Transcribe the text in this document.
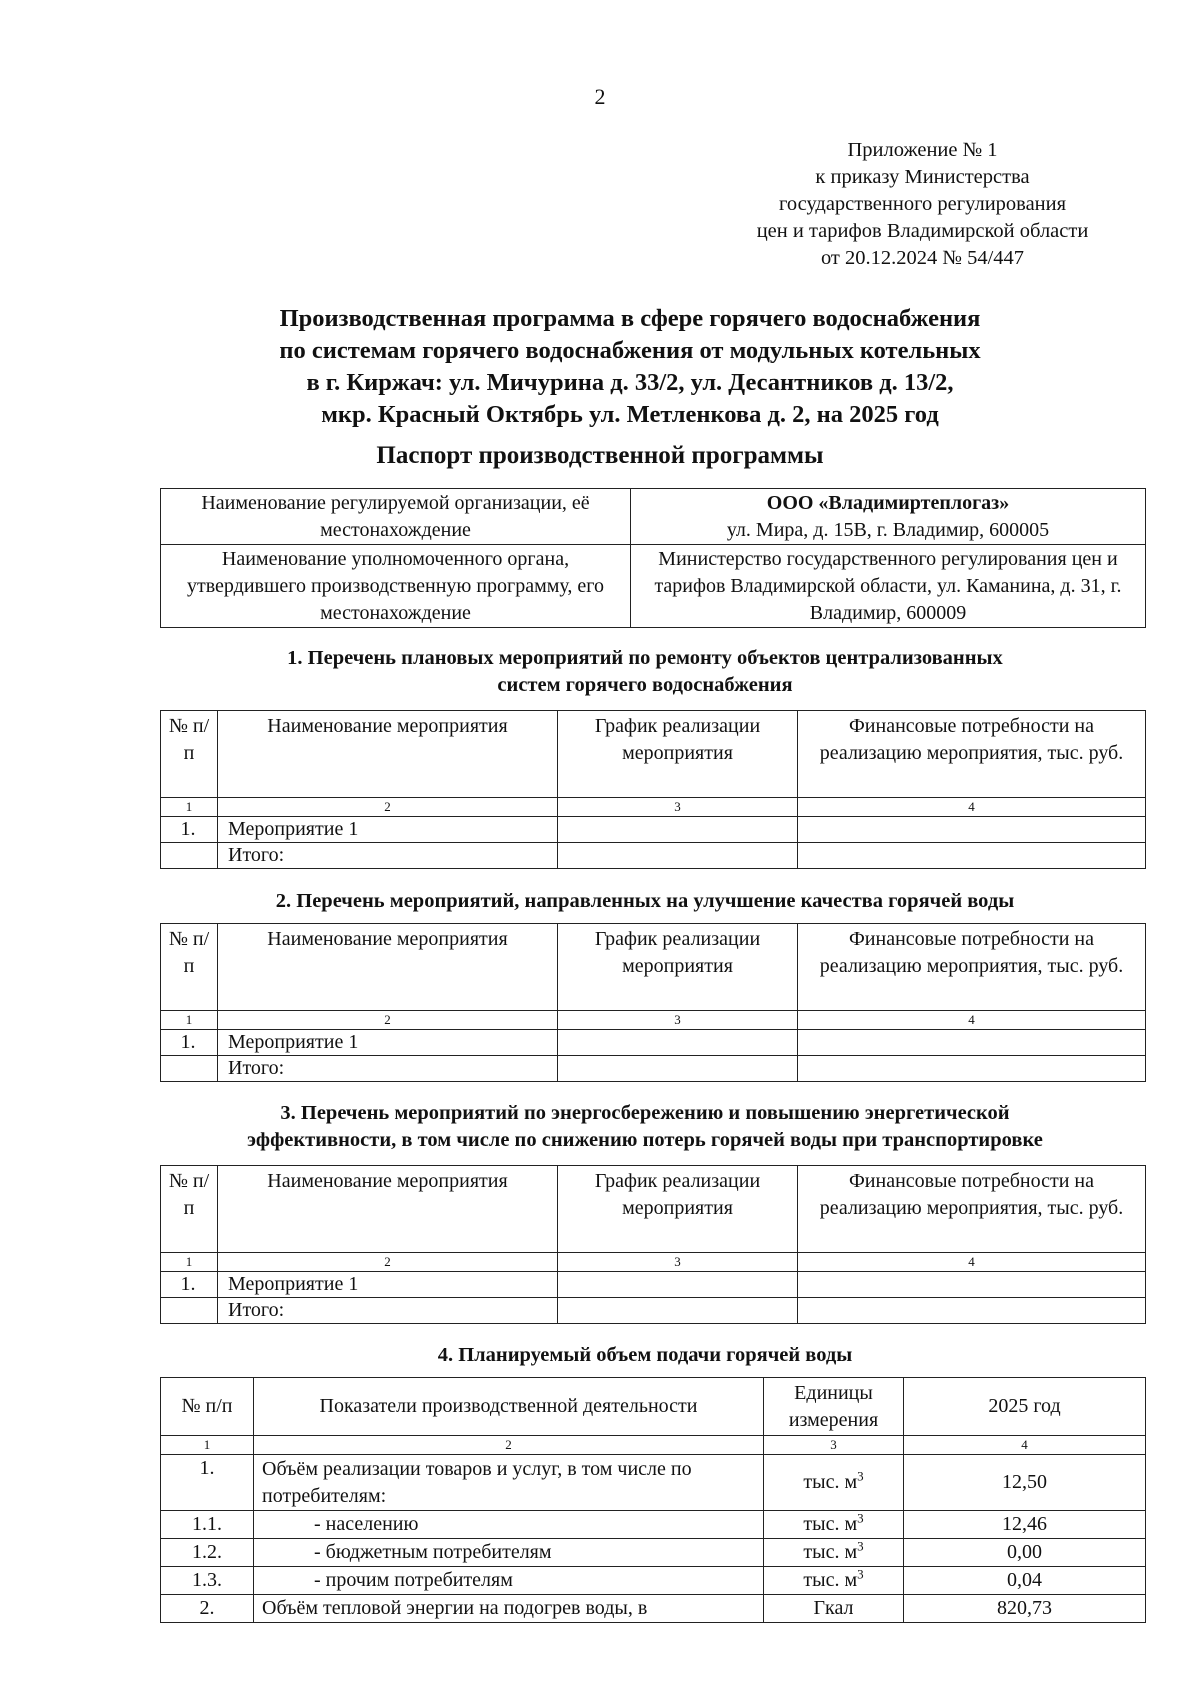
2
Приложение № 1
к приказу Министерства
государственного регулирования
цен и тарифов Владимирской области
от 20.12.2024 № 54/447
Производственная программа в сфере горячего водоснабжения
по системам горячего водоснабжения от модульных котельных
в г. Киржач: ул. Мичурина д. 33/2, ул. Десантников д. 13/2,
мкр. Красный Октябрь ул. Метленкова д. 2, на 2025 год
Паспорт производственной программы
Наименование регулируемой организации, её местонахождение	ООО «Владимиртеплогаз»
ул. Мира, д. 15В, г. Владимир, 600005

Наименование уполномоченного органа, утвердившего производственную программу, его местонахождение	Министерство государственного регулирования цен и тарифов Владимирской области, ул. Каманина, д. 31, г. Владимир, 600009
1. Перечень плановых мероприятий по ремонту объектов централизованных
систем горячего водоснабжения
№ п/п	Наименование мероприятия	График реализации мероприятия	Финансовые потребности на реализацию мероприятия, тыс. руб.
1	2	3	4
1.	Мероприятие 1		
	Итого:		
2. Перечень мероприятий, направленных на улучшение качества горячей воды
№ п/п	Наименование мероприятия	График реализации мероприятия	Финансовые потребности на реализацию мероприятия, тыс. руб.
1	2	3	4
1.	Мероприятие 1		
	Итого:		
3. Перечень мероприятий по энергосбережению и повышению энергетической
эффективности, в том числе по снижению потерь горячей воды при транспортировке
№ п/п	Наименование мероприятия	График реализации мероприятия	Финансовые потребности на реализацию мероприятия, тыс. руб.
1	2	3	4
1.	Мероприятие 1		
	Итого:		
4. Планируемый объем подачи горячей воды
№ п/п	Показатели производственной деятельности	Единицы измерения	2025 год
1	2	3	4
1.	Объём реализации товаров и услуг, в том числе по потребителям:	тыс. $м^3$	12,50
1.1.	- населению	тыс. $м^3$	12,46
1.2.	- бюджетным потребителям	тыс. $м^3$	0,00
1.3.	- прочим потребителям	тыс. $м^3$	0,04
2.	Объём тепловой энергии на подогрев воды, в	Гкал	820,73
